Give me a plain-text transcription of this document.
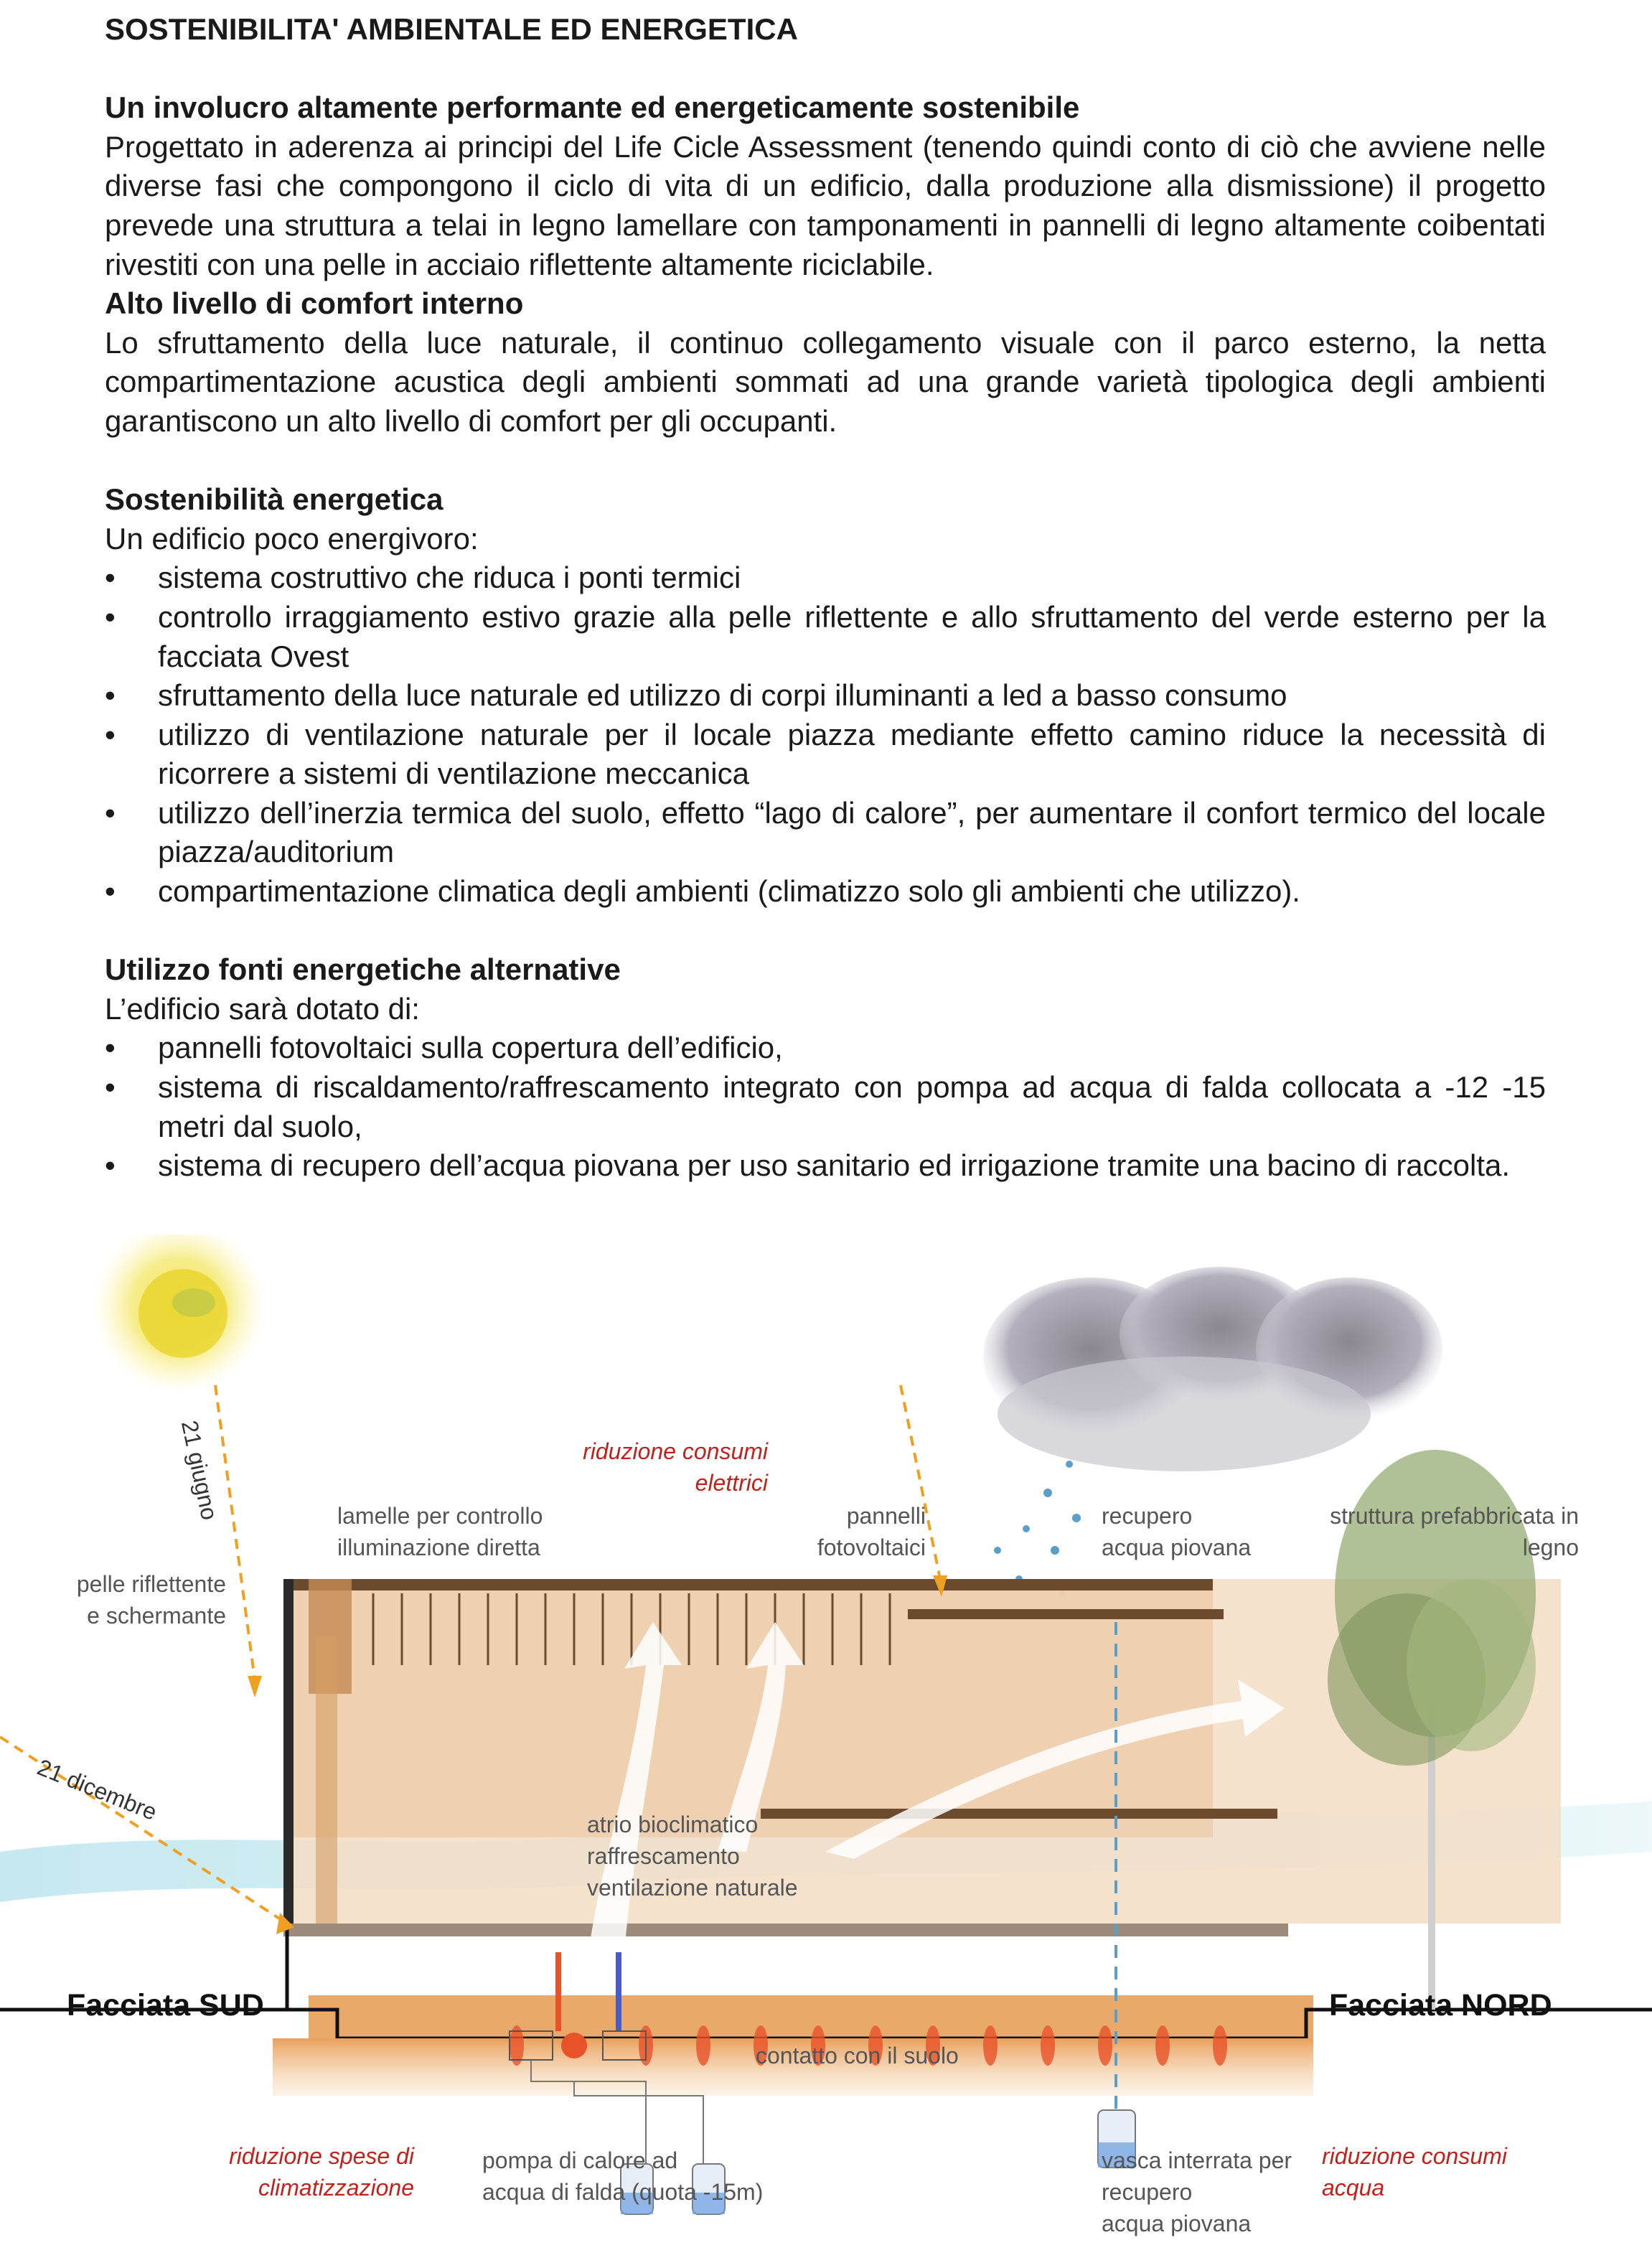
SOSTENIBILITA' AMBIENTALE ED ENERGETICA

Un involucro altamente performante ed energeticamente sostenibile

Progettato in aderenza ai principi del Life Cicle Assessment (tenendo quindi conto di ciò che avviene nelle diverse fasi che compongono il ciclo di vita di un edificio, dalla produzione alla dismissione) il progetto prevede una struttura a telai in legno lamellare con tamponamenti in pannelli di legno altamente coibentati rivestiti con una pelle in acciaio riflettente altamente riciclabile.

Alto livello di comfort interno

Lo sfruttamento della luce naturale, il continuo collegamento visuale con il parco esterno, la netta compartimentazione acustica degli ambienti sommati ad una grande varietà tipologica degli ambienti garantiscono un alto livello di comfort per gli occupanti.

Sostenibilità energetica

Un edificio poco energivoro:

• sistema costruttivo che riduca i ponti termici
• controllo irraggiamento estivo grazie alla pelle riflettente e allo sfruttamento del verde esterno per la facciata Ovest
• sfruttamento della luce naturale ed utilizzo di corpi illuminanti a led a basso consumo
• utilizzo di ventilazione naturale per il locale piazza mediante effetto camino riduce la necessità di ricorrere a sistemi di ventilazione meccanica
• utilizzo dell’inerzia termica del suolo, effetto “lago di calore”, per aumentare il confort termico del locale piazza/auditorium
• compartimentazione climatica degli ambienti (climatizzo solo gli ambienti che utilizzo).

Utilizzo fonti energetiche alternative

L’edificio sarà dotato di:

• pannelli fotovoltaici sulla copertura dell’edificio,
• sistema di riscaldamento/raffrescamento integrato con pompa ad acqua di falda collocata a -12 -15 metri dal suolo,
• sistema di recupero dell’acqua piovana per uso sanitario ed irrigazione tramite una bacino di raccolta.
21 giugno
21 dicembre
riduzione consumi
elettrici
lamelle per controllo
illuminazione diretta
pannelli
fotovoltaici
recupero
acqua piovana
struttura prefabbricata in
legno
pelle riflettente
e schermante
atrio bioclimatico
raffrescamento
ventilazione naturale
Facciata SUD	Facciata NORD
contatto con il suolo
riduzione spese di
climatizzazione
pompa di calore ad
acqua di falda (quota -15m)
vasca interrata per
recupero
acqua piovana
riduzione consumi
acqua
